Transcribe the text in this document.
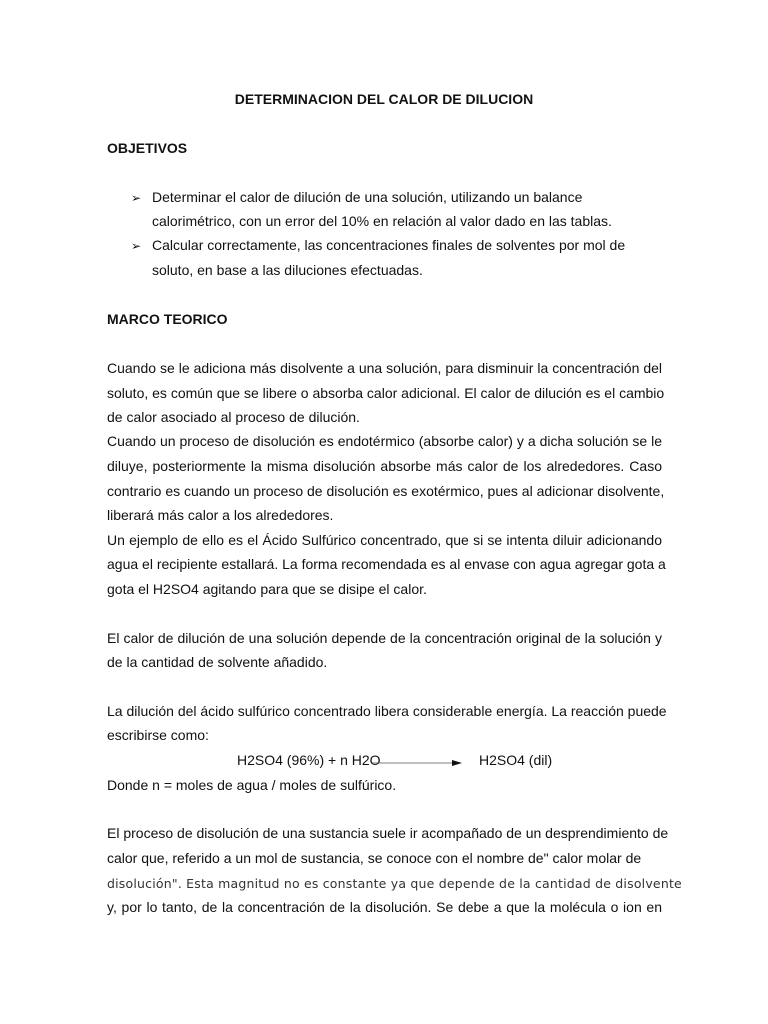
DETERMINACION DEL CALOR DE DILUCION
OBJETIVOS
➢ Determinar el calor de dilución de una solución, utilizando un balance
calorimétrico, con un error del 10% en relación al valor dado en las tablas.
➢ Calcular correctamente, las concentraciones finales de solventes por mol de
soluto, en base a las diluciones efectuadas.
MARCO TEORICO
Cuando se le adiciona más disolvente a una solución, para disminuir la concentración del
soluto, es común que se libere o absorba calor adicional. El calor de dilución es el cambio
de calor asociado al proceso de dilución.
Cuando un proceso de disolución es endotérmico (absorbe calor) y a dicha solución se le
diluye, posteriormente la misma disolución absorbe más calor de los alrededores. Caso
contrario es cuando un proceso de disolución es exotérmico, pues al adicionar disolvente,
liberará más calor a los alrededores.
Un ejemplo de ello es el Ácido Sulfúrico concentrado, que si se intenta diluir adicionando
agua el recipiente estallará. La forma recomendada es al envase con agua agregar gota a
gota el H2SO4 agitando para que se disipe el calor.
El calor de dilución de una solución depende de la concentración original de la solución y
de la cantidad de solvente añadido.
La dilución del ácido sulfúrico concentrado libera considerable energía. La reacción puede
escribirse como:
H2SO4 (96%) + n H2O	H2SO4 (dil)
Donde n = moles de agua / moles de sulfúrico.
El proceso de disolución de una sustancia suele ir acompañado de un desprendimiento de
calor que, referido a un mol de sustancia, se conoce con el nombre de" calor molar de
disolución". Esta magnitud no es constante ya que depende de la cantidad de disolvente
y, por lo tanto, de la concentración de la disolución. Se debe a que la molécula o ion en
